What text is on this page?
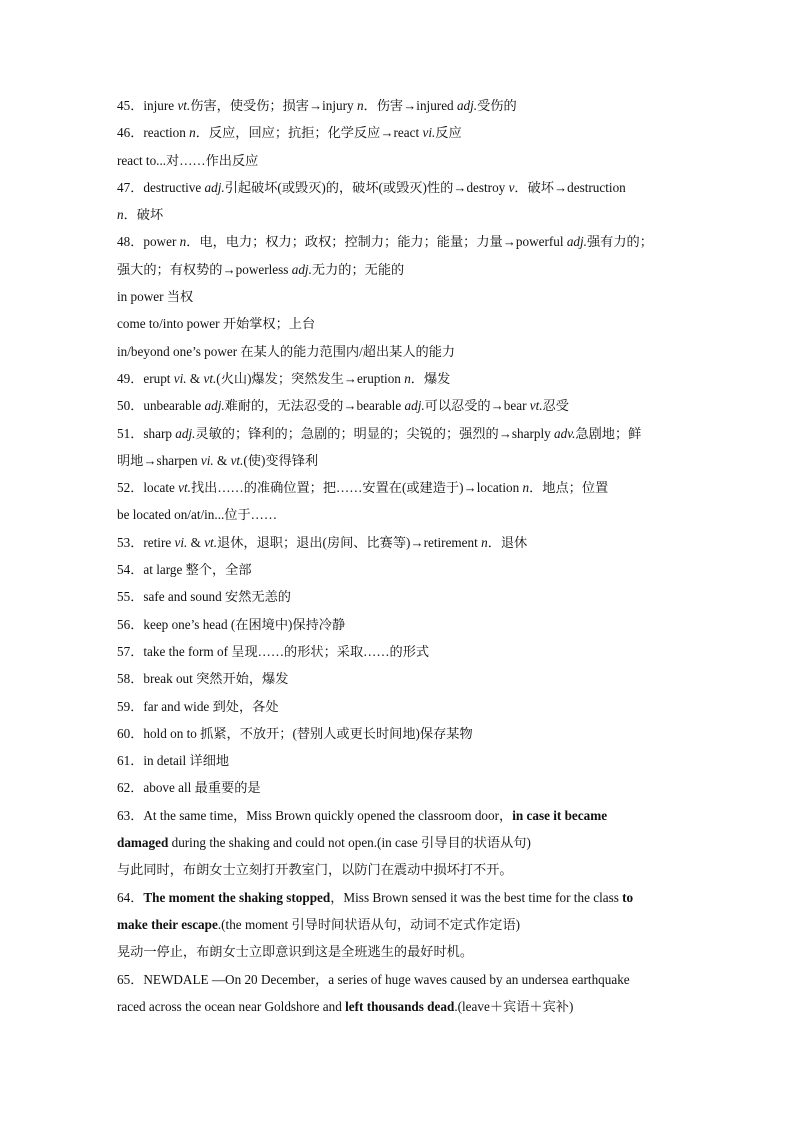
45．injure vt.伤害，使受伤；损害→injury n．伤害→injured adj.受伤的
46．reaction n．反应，回应；抗拒；化学反应→react vi.反应
react to...对……作出反应
47．destructive adj.引起破坏(或毁灭)的，破坏(或毁灭)性的→destroy v．破坏→destruction
n．破坏
48．power n．电，电力；权力；政权；控制力；能力；能量；力量→powerful adj.强有力的；
强大的；有权势的→powerless adj.无力的；无能的
in power 当权
come to/into power 开始掌权；上台
in/beyond one’s power 在某人的能力范围内/超出某人的能力
49．erupt vi. & vt.(火山)爆发；突然发生→eruption n．爆发
50．unbearable adj.难耐的，无法忍受的→bearable adj.可以忍受的→bear vt.忍受
51．sharp adj.灵敏的；锋利的；急剧的；明显的；尖锐的；强烈的→sharply adv.急剧地；鲜
明地→sharpen vi. & vt.(使)变得锋利
52．locate vt.找出……的准确位置；把……安置在(或建造于)→location n．地点；位置
be located on/at/in...位于……
53．retire vi. & vt.退休，退职；退出(房间、比赛等)→retirement n．退休
54．at large 整个，全部
55．safe and sound 安然无恙的
56．keep one’s head (在困境中)保持冷静
57．take the form of 呈现……的形状；采取……的形式
58．break out 突然开始，爆发
59．far and wide 到处，各处
60．hold on to 抓紧，不放开；(替别人或更长时间地)保存某物
61．in detail 详细地
62．above all 最重要的是
63．At the same time，Miss Brown quickly opened the classroom door，in case it became
damaged during the shaking and could not open.(in case 引导目的状语从句)
与此同时，布朗女士立刻打开教室门，以防门在震动中损坏打不开。
64．The moment the shaking stopped，Miss Brown sensed it was the best time for the class to
make their escape.(the moment 引导时间状语从句，动词不定式作定语)
晃动一停止，布朗女士立即意识到这是全班逃生的最好时机。
65．NEWDALE —On 20 December，a series of huge waves caused by an undersea earthquake
raced across the ocean near Goldshore and left thousands dead.(leave＋宾语＋宾补)
